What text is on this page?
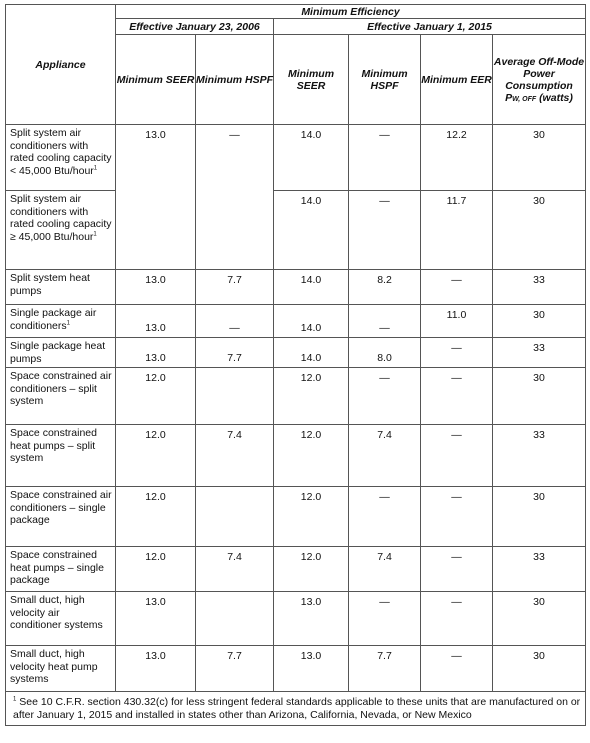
Appliance	Minimum Efficiency					
	Effective January 23, 2006		Effective January 1, 2015			
	Minimum SEER	Minimum HSPF	Minimum SEER	Minimum HSPF	Minimum EER	Average Off-Mode Power Consumption
PW, OFF (watts)
Split system air conditioners with rated cooling capacity < 45,000 Btu/hour$^1$	13.0	—	14.0	—	12.2	30
Split system air conditioners with rated cooling capacity ≥ 45,000 Btu/hour$^1$			14.0	—	11.7	30
Split system heat pumps	13.0	7.7	14.0	8.2	—	33
Single package air conditioners$^1$	13.0	—	14.0	—	11.0	30
Single package heat pumps	13.0	7.7	14.0	8.0	—	33
Space constrained air conditioners – split system	12.0		12.0	—	—	30
Space constrained heat pumps – split system	12.0	7.4	12.0	7.4	—	33
Space constrained air conditioners – single package	12.0		12.0	—	—	30
Space constrained heat pumps – single package	12.0	7.4	12.0	7.4	—	33
Small duct, high velocity air conditioner systems	13.0		13.0	—	—	30
Small duct, high velocity heat pump systems	13.0	7.7	13.0	7.7	—	30
$^1$ See 10 C.F.R. section 430.32(c) for less stringent federal standards applicable to these units that are manufactured on or after January 1, 2015 and installed in states other than Arizona, California, Nevada, or New Mexico						
